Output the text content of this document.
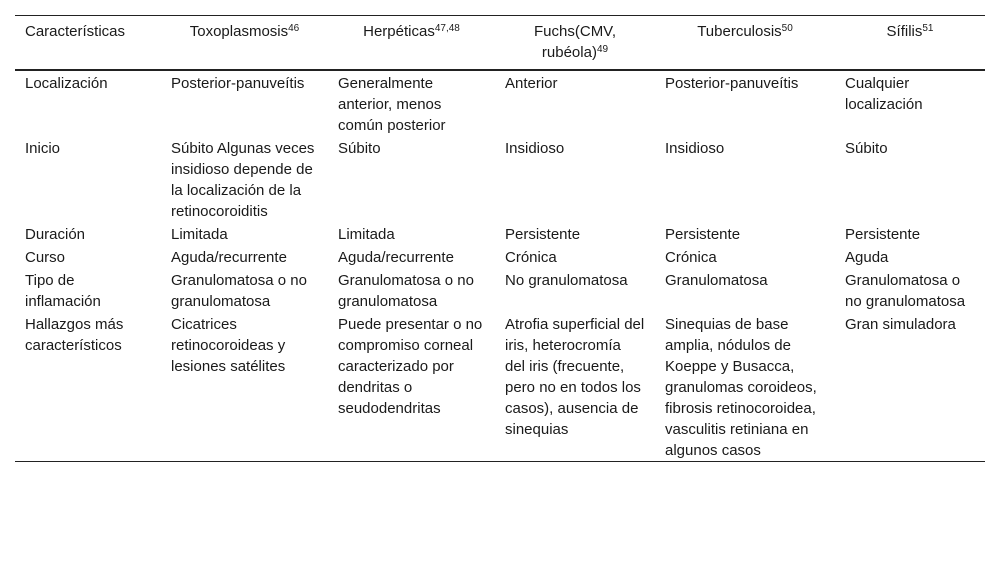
Características	Toxoplasmosis$^{46}$	Herpéticas$^{47,48}$	Fuchs(CMV, rubéola)$^{49}$	Tuberculosis$^{50}$	Sífilis$^{51}$
Localización	Posterior-panuveítis	Generalmente anterior, menos común posterior	Anterior	Posterior-panuveítis	Cualquier localización
Inicio	Súbito Algunas veces insidioso depende de la localización de la retinocoroiditis	Súbito	Insidioso	Insidioso	Súbito
Duración	Limitada	Limitada	Persistente	Persistente	Persistente
Curso	Aguda/recurrente	Aguda/recurrente	Crónica	Crónica	Aguda
Tipo de inflamación	Granulomatosa o no granulomatosa	Granulomatosa o no granulomatosa	No granulomatosa	Granulomatosa	Granulomatosa o no granulomatosa
Hallazgos más característicos	Cicatrices retinocoroideas y lesiones satélites	Puede presentar o no compromiso corneal caracterizado por dendritas o seudodendritas	Atrofia superficial del iris, heterocromía del iris (frecuente, pero no en todos los casos), ausencia de sinequias	Sinequias de base amplia, nódulos de Koeppe y Busacca, granulomas coroideos, fibrosis retinocoroidea, vasculitis retiniana en algunos casos	Gran simuladora
